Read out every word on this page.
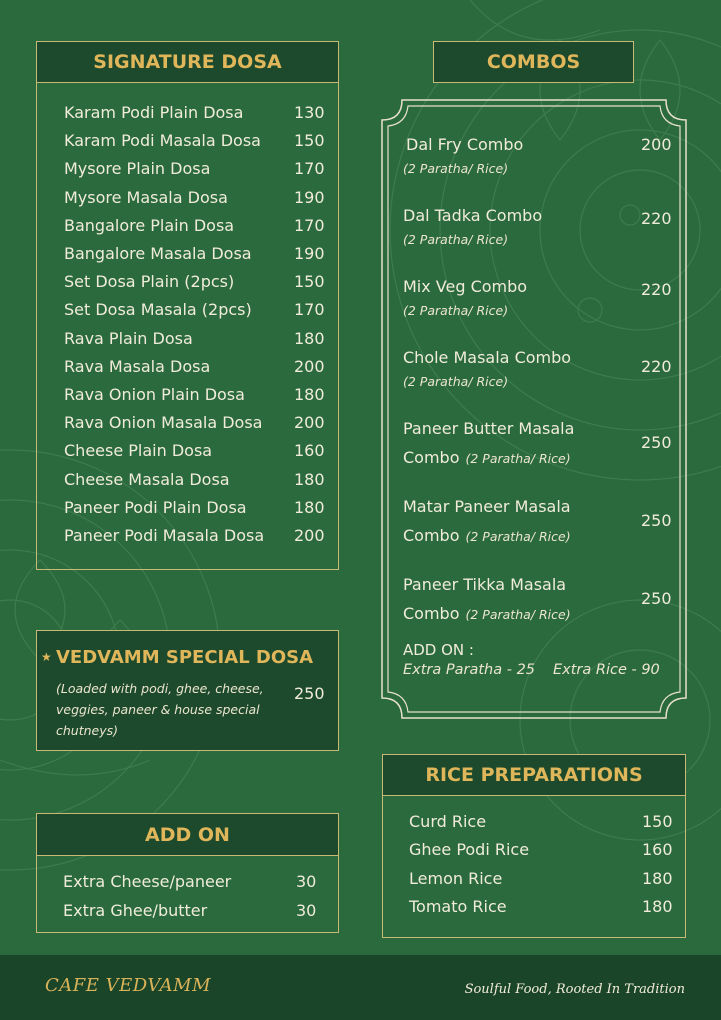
SIGNATURE DOSA
Karam Podi Plain Dosa	130
Karam Podi Masala Dosa 150
Mysore Plain Dosa	170
Mysore Masala Dosa	190
Bangalore Plain Dosa	170
Bangalore Masala Dosa	190
Set Dosa Plain (2pcs)	150
Set Dosa Masala (2pcs)	170
Rava Plain Dosa	180
Rava Masala Dosa	200
Rava Onion Plain Dosa	180
Rava Onion Masala Dosa 200
Cheese Plain Dosa	160
Cheese Masala Dosa	180
Paneer Podi Plain Dosa	180
Paneer Podi Masala Dosa 200
★ VEDVAMM SPECIAL DOSA
(Loaded with podi, ghee, cheese,
veggies, paneer & house special
chutneys)
250
ADD ON
Extra Cheese/paneer	30
Extra Ghee/butter	30
COMBOS
Dal Fry Combo
(2 Paratha/ Rice)
200
Dal Tadka Combo
(2 Paratha/ Rice)
220
Mix Veg Combo
(2 Paratha/ Rice)
220
Chole Masala Combo
(2 Paratha/ Rice)
220
Paneer Butter Masala
Combo (2 Paratha/ Rice)
250
Matar Paneer Masala
Combo (2 Paratha/ Rice)
250
Paneer Tikka Masala
Combo (2 Paratha/ Rice)
250
ADD ON :
Extra Paratha - 25 Extra Rice - 90
RICE PREPARATIONS
Curd Rice	150
Ghee Podi Rice	160
Lemon Rice	180
Tomato Rice	180
CAFE VEDVAMM	Soulful Food, Rooted In Tradition
